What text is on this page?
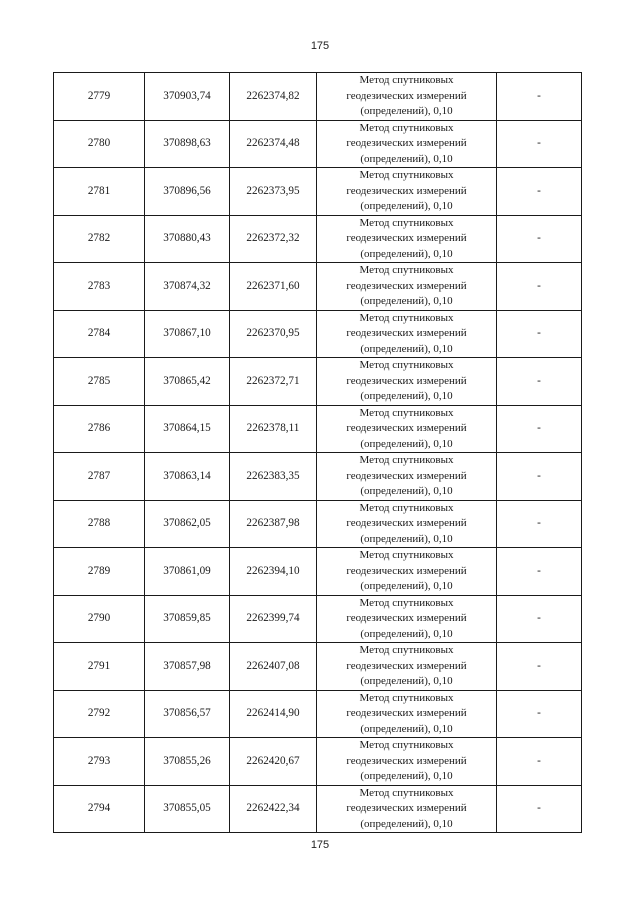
175
2779	370903,74	2262374,82	Метод спутниковых
геодезических измерений
(определений), 0,10	-
2780	370898,63	2262374,48	Метод спутниковых
геодезических измерений
(определений), 0,10	-
2781	370896,56	2262373,95	Метод спутниковых
геодезических измерений
(определений), 0,10	-
2782	370880,43	2262372,32	Метод спутниковых
геодезических измерений
(определений), 0,10	-
2783	370874,32	2262371,60	Метод спутниковых
геодезических измерений
(определений), 0,10	-
2784	370867,10	2262370,95	Метод спутниковых
геодезических измерений
(определений), 0,10	-
2785	370865,42	2262372,71	Метод спутниковых
геодезических измерений
(определений), 0,10	-
2786	370864,15	2262378,11	Метод спутниковых
геодезических измерений
(определений), 0,10	-
2787	370863,14	2262383,35	Метод спутниковых
геодезических измерений
(определений), 0,10	-
2788	370862,05	2262387,98	Метод спутниковых
геодезических измерений
(определений), 0,10	-
2789	370861,09	2262394,10	Метод спутниковых
геодезических измерений
(определений), 0,10	-
2790	370859,85	2262399,74	Метод спутниковых
геодезических измерений
(определений), 0,10	-
2791	370857,98	2262407,08	Метод спутниковых
геодезических измерений
(определений), 0,10	-
2792	370856,57	2262414,90	Метод спутниковых
геодезических измерений
(определений), 0,10	-
2793	370855,26	2262420,67	Метод спутниковых
геодезических измерений
(определений), 0,10	-
2794	370855,05	2262422,34	Метод спутниковых
геодезических измерений
(определений), 0,10	-
175
